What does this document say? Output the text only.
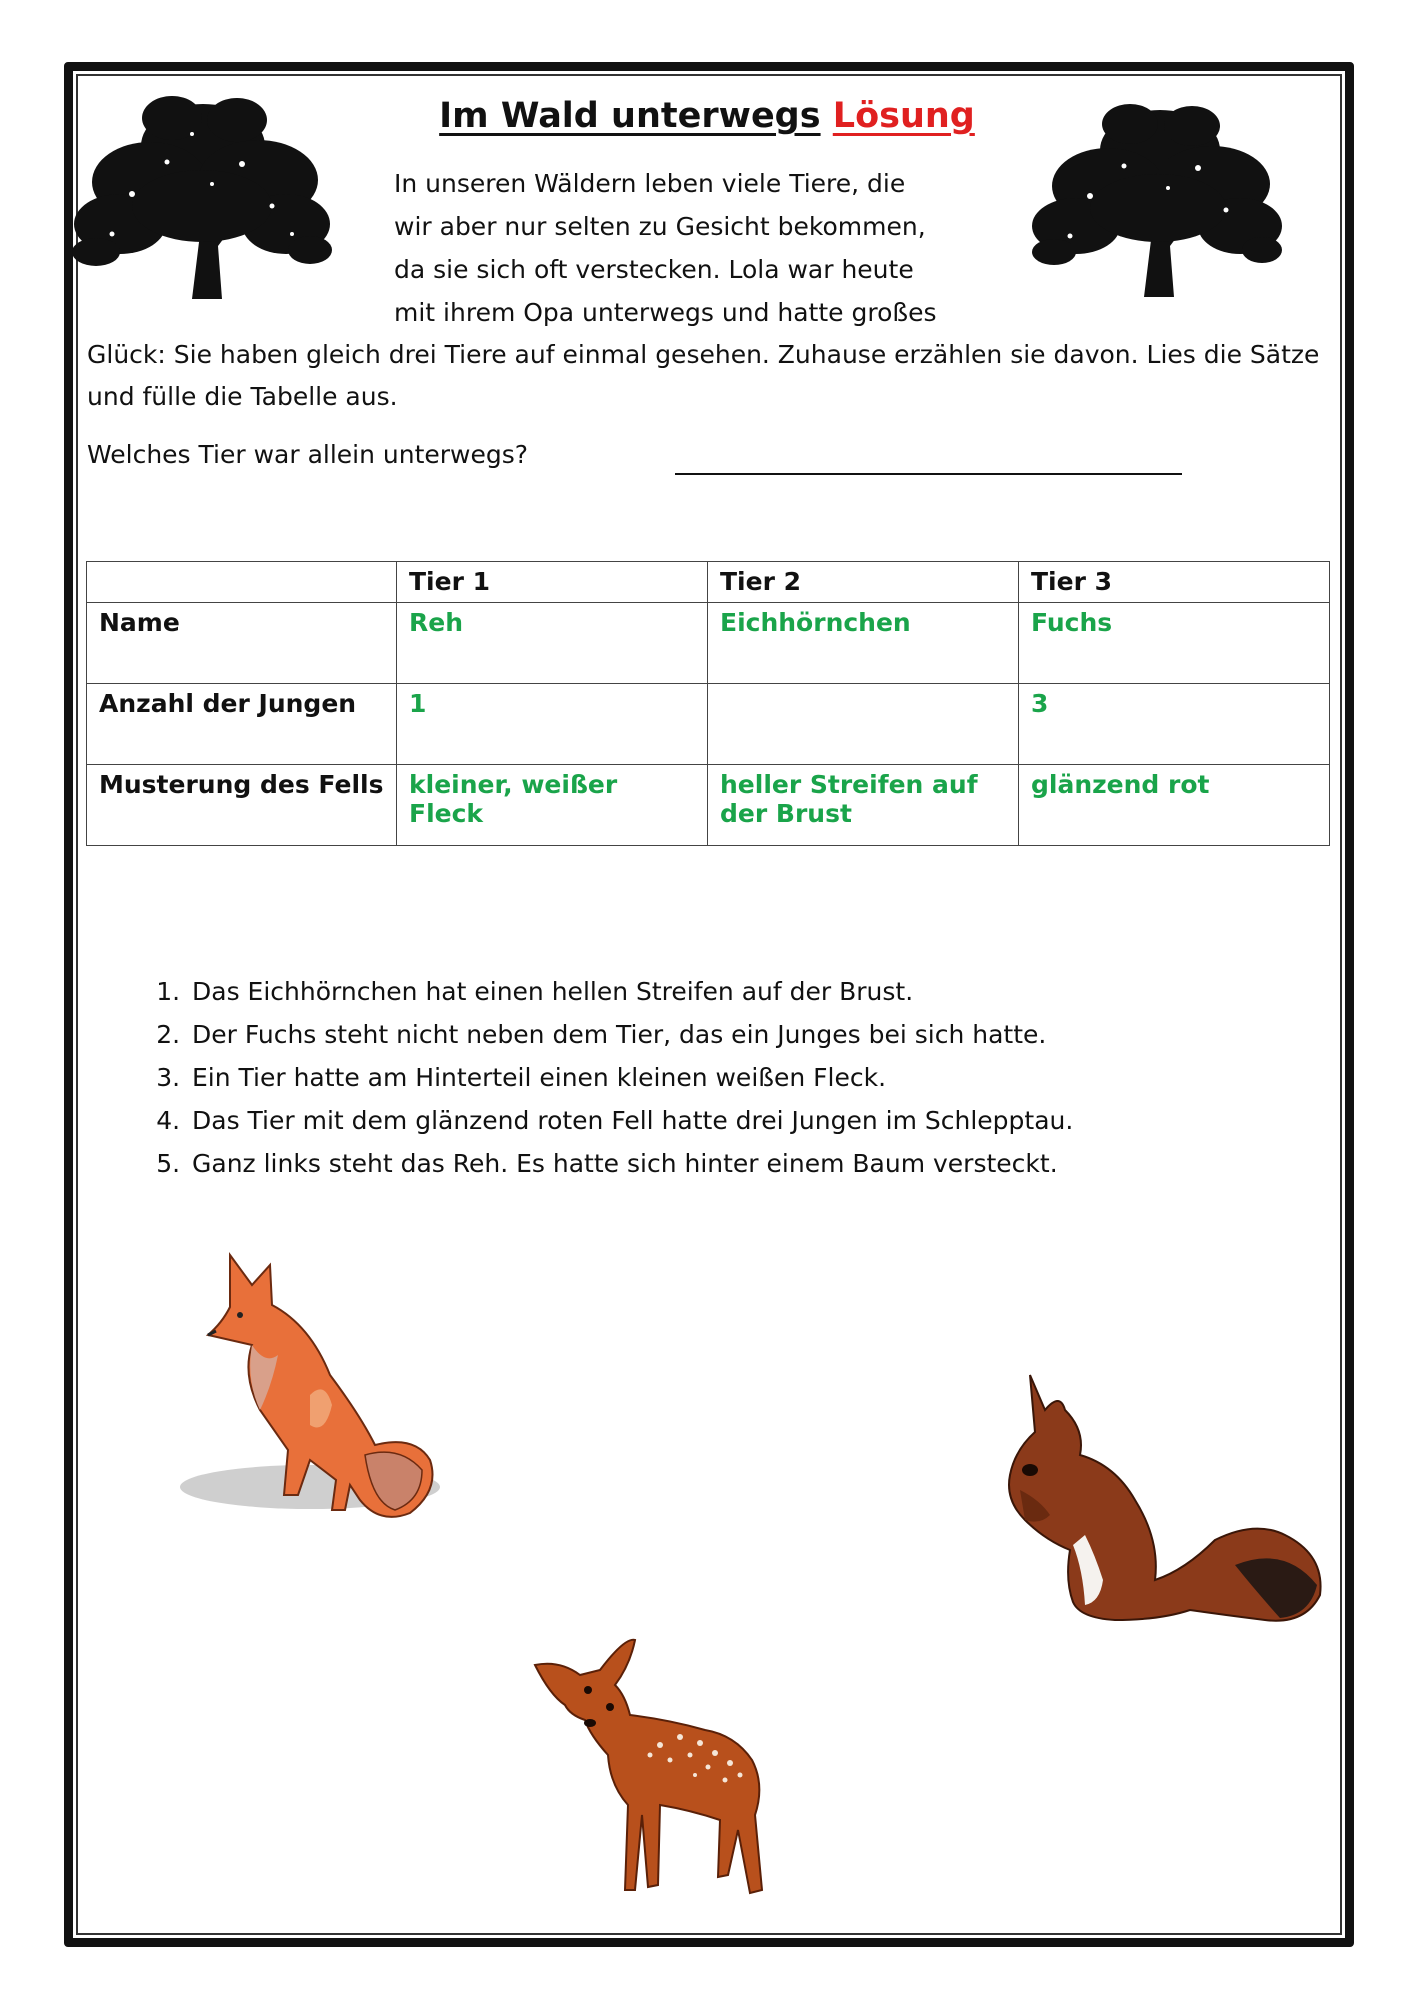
Im Wald unterwegs Lösung
In unseren Wäldern leben viele Tiere, die
wir aber nur selten zu Gesicht bekommen,
da sie sich oft verstecken. Lola war heute
mit ihrem Opa unterwegs und hatte großes
Glück: Sie haben gleich drei Tiere auf einmal gesehen. Zuhause erzählen sie davon. Lies die Sätze und fülle die Tabelle aus.
Welches Tier war allein unterwegs?
	Tier 1	Tier 2	Tier 3
Name	Reh	Eichhörnchen	Fuchs
Anzahl der Jungen	1		3
Musterung des Fells	kleiner, weißer Fleck	heller Streifen auf der Brust	glänzend rot
1. Das Eichhörnchen hat einen hellen Streifen auf der Brust.
2. Der Fuchs steht nicht neben dem Tier, das ein Junges bei sich hatte.
3. Ein Tier hatte am Hinterteil einen kleinen weißen Fleck.
4. Das Tier mit dem glänzend roten Fell hatte drei Jungen im Schlepptau.
5. Ganz links steht das Reh. Es hatte sich hinter einem Baum versteckt.
